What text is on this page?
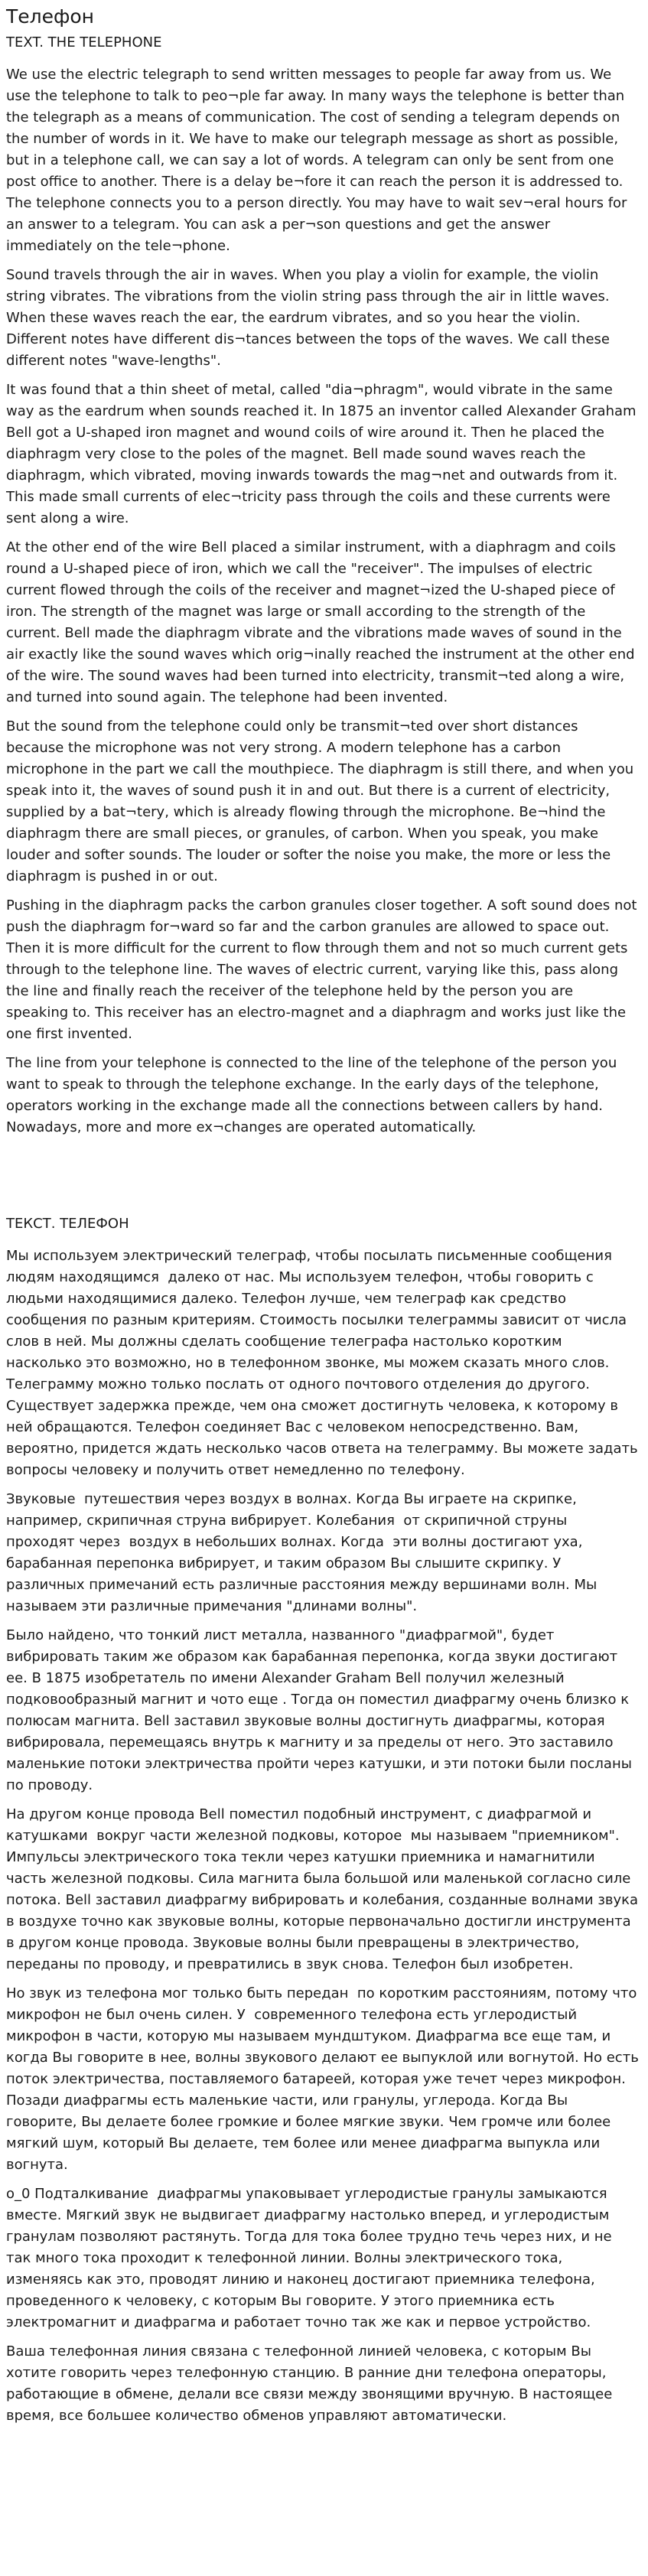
Телефон
TEXT. THE TELEPHONE

We use the electric telegraph to send written messages to people far away from us. We use the telephone to talk to pео¬рlе far away. In many ways the telephone is better than the telegraph as a means of communication. The cost of sending a telegram depends on the number of words in it. We have to make our telegraph message as short as possible, but in a telephone call, we can say a lot of words. A telegram can only be sent from one post office to another. There is a delay be¬fore it can reach the person it is addressed to. The telephone connects you to a person directly. You may have to wait sev¬eral hours for an answer to a telegram. You can ask a per¬son questions and get the answer immediately on the tele¬phone.

Sound travels through the air in waves. When you play a violin for example, the violin string vibrates. The vibrations from the violin string pass through the air in little waves. When these waves reach the ear, the eardrum vibrates, and so you hear the violin. Different notes have different dis¬tances between the tops of the waves. We call these different notes "wave-lengths".

It was found that a thin sheet of metal, called "dia¬phragm", would vibrate in the same way as the eardrum when sounds reached it. In 1875 an inventor called Alexander Graham Bell got a U-shaped iron magnet and wound coils of wire around it. Then he placed the diaphragm very close to the poles of the magnet. Bell made sound waves reach the diaphragm, which vibrated, moving inwards towards the mag¬net and outwards from it. This made small currents of elec¬tricity pass through the coils and these currents were sent along a wire.

At the other end of the wire Bell placed a similar instrument, with a diaphragm and coils round a U-shaped piece of iron, which we call the "receiver". The impulses of electric current flowed through the coils of the receiver and magnet¬ized the U-shaped piece of iron. The strength of the magnet was large or small according to the strength of the current. Bell made the diaphragm vibrate and the vibrations made waves of sound in the air exactly like the sound waves which orig¬inally reached the instrument at the other end of the wire. The sound waves had been turned into electricity, transmit¬ted along a wire, and turned into sound again. The telephone had been invented.

But the sound from the telephone could only be transmit¬ted over short distances because the microphone was not very strong. A modern telephone has a carbon microphone in the part we call the mouthpiece. The diaphragm is still there, and when you speak into it, the waves of sound push it in and out. But there is a current of electricity, supplied by a bat¬tery, which is already flowing through the microphone. Be¬hind the diaphragm there are small pieces, or granules, of carbon. When you speak, you make louder and softer sounds. The louder or softer the noise you make, the more or less the diaphragm is pushed in or out.

Pushing in the diaphragm packs the carbon granules closer together. A soft sound does not push the diaphragm for¬ward so far and the carbon granules are allowed to space out. Then it is more difficult for the current to flow through them and not so much current gets through to the telephone line. The waves of electric current, varying like this, pass along the line and finally reach the receiver of the telephone held by the person you are speaking to. This receiver has an electro-magnet and a diaphragm and works just like the one first invented.

The line from your telephone is connected to the line of the telephone of the person you want to speak to through the telephone exchange. In the early days of the telephone, operators working in the exchange made all the connections between callers by hand. Nowadays, more and more ex¬changes are operated automatically.

ТЕКСТ. ТЕЛЕФОН

Мы используем электрический телеграф, чтобы посылать письменные сообщения людям находящимся  далеко от нас. Мы используем телефон, чтобы говорить с людьми находящимися далеко. Телефон лучше, чем телеграф как средство сообщения по разным критериям. Стоимость посылки телеграммы зависит от числа слов в ней. Мы должны сделать сообщение телеграфа настолько коротким насколько это возможно, но в телефонном звонке, мы можем сказать много слов. Телеграмму можно только послать от одного почтового отделения до другого. Существует задержка прежде, чем она сможет достигнуть человека, к которому в ней обращаются. Телефон соединяет Вас с человеком непосредственно. Вам, вероятно, придется ждать несколько часов ответа на телеграмму. Вы можете задать вопросы человеку и получить ответ немедленно по телефону.

Звуковые  путешествия через воздух в волнах. Когда Вы играете на скрипке, например, скрипичная струна вибрирует. Колебания  от скрипичной струны проходят через  воздух в небольших волнах. Когда  эти волны достигают уха, барабанная перепонка вибрирует, и таким образом Вы слышите скрипку. У различных примечаний есть различные расстояния между вершинами волн. Мы называем эти различные примечания "длинами волны".

Было найдено, что тонкий лист металла, названного "диафрагмой", будет вибрировать таким же образом как барабанная перепонка, когда звуки достигают ее. В 1875 изобретатель по имени Alexander Graham Bell получил железный подковообразный магнит и чото еще . Тогда он поместил диафрагму очень близко к полюсам магнита. Bell заставил звуковые волны достигнуть диафрагмы, которая вибрировала, перемещаясь внутрь к магниту и за пределы от него. Это заставило маленькие потоки электричества пройти через катушки, и эти потоки были посланы по проводу.

На другом конце провода Bell поместил подобный инструмент, с диафрагмой и катушками  вокруг части железной подковы, которое  мы называем "приемником". Импульсы электрического тока текли через катушки приемника и намагнитили  часть железной подковы. Сила магнита была большой или маленькой согласно силе потока. Bell заставил диафрагму вибрировать и колебания, созданные волнами звука в воздухе точно как звуковые волны, которые первоначально достигли инструмента в другом конце провода. Звуковые волны были превращены в электричество, переданы по проводу, и превратились в звук снова. Телефон был изобретен.

Но звук из телефона мог только быть передан  по коротким расстояниям, потому что  микрофон не был очень силен. У  современного телефона есть углеродистый микрофон в части, которую мы называем мундштуком. Диафрагма все еще там, и когда Вы говорите в нее, волны звукового делают ее выпуклой или вогнутой. Но есть поток электричества, поставляемого батареей, которая уже течет через микрофон. Позади диафрагмы есть маленькие части, или гранулы, углерода. Когда Вы говорите, Вы делаете более громкие и более мягкие звуки. Чем громче или более мягкий шум, который Вы делаете, тем более или менее диафрагма выпукла или вогнута.

о_0 Подталкивание  диафрагмы упаковывает углеродистые гранулы замыкаются вместе. Мягкий звук не выдвигает диафрагму настолько вперед, и углеродистым гранулам позволяют растянуть. Тогда для тока более трудно течь через них, и не так много тока проходит к телефонной линии. Волны электрического тока, изменяясь как это, проводят линию и наконец достигают приемника телефона, проведенного к человеку, с которым Вы говорите. У этого приемника есть электромагнит и диафрагма и работает точно так же как и первое устройство.

Ваша телефонная линия связана с телефонной линией человека, с которым Вы хотите говорить через телефонную станцию. В ранние дни телефона операторы, работающие в обмене, делали все связи между звонящими вручную. В настоящее время, все большее количество обменов управляют автоматически.
